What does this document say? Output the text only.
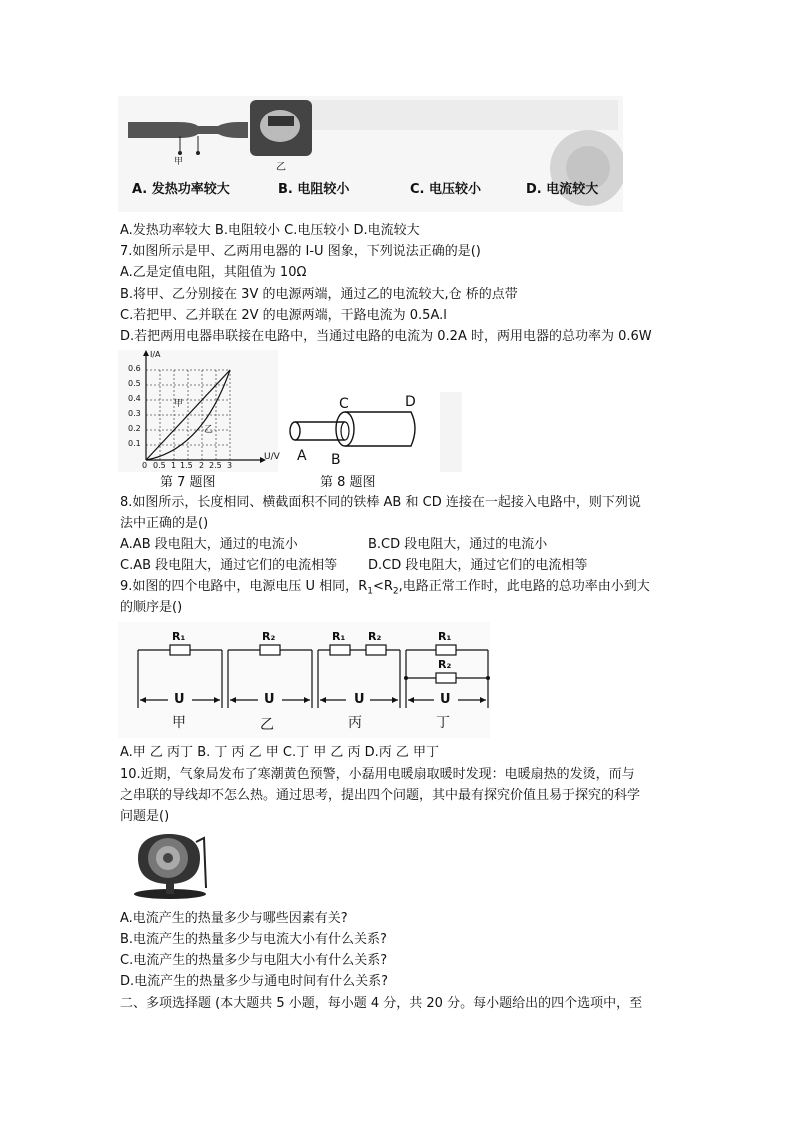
甲	乙
A. 发热功率较大	B. 电阻较小	C. 电压较小	D. 电流较大
A.发热功率较大 B.电阻较小 C.电压较小 D.电流较大
7.如图所示是甲、乙两用电器的 I-U 图象，下列说法正确的是()
A.乙是定值电阻，其阻值为 10Ω
B.将甲、乙分别接在 3V 的电源两端，通过乙的电流较大,仓 桥的点带
C.若把甲、乙并联在 2V 的电源两端，干路电流为 0.5A.l
D.若把两用电器串联接在电路中，当通过电路的电流为 0.2A 时，两用电器的总功率为 0.6W
I/A
U/V
0.6
0.5
0.4
0.3
0.2
0.1
0 0.5 1 1.5 2 2.5 3
甲
乙
A B
C	D
第 7 题图	第 8 题图
8.如图所示，长度相同、横截面积不同的铁棒 AB 和 CD 连接在一起接入电路中，则下列说
法中正确的是()
A.AB 段电阻大，通过的电流小	B.CD 段电阻大，通过的电流小
C.AB 段电阻大，通过它们的电流相等 D.CD 段电阻大，通过它们的电流相等
9.如图的四个电路中，电源电压 U 相同，$R_1<R_2$,电路正常工作时，此电路的总功率由小到大
的顺序是()
R₁	R₂	R₁ R₂	R₁
R₂
U	U	U	U
甲	乙	丙	丁
A.甲 乙 丙丁 B. 丁 丙 乙 甲 C.丁 甲 乙 丙 D.丙 乙 甲丁
10.近期，气象局发布了寒潮黄色预警，小磊用电暖扇取暖时发现：电暖扇热的发烫，而与
之串联的导线却不怎么热。通过思考，提出四个问题，其中最有探究价值且易于探究的科学
问题是()
A.电流产生的热量多少与哪些因素有关?
B.电流产生的热量多少与电流大小有什么关系?
C.电流产生的热量多少与电阻大小有什么关系?
D.电流产生的热量多少与通电时间有什么关系?
二、多项选择题 (本大题共 5 小题，每小题 4 分，共 20 分。每小题给出的四个选项中，至
